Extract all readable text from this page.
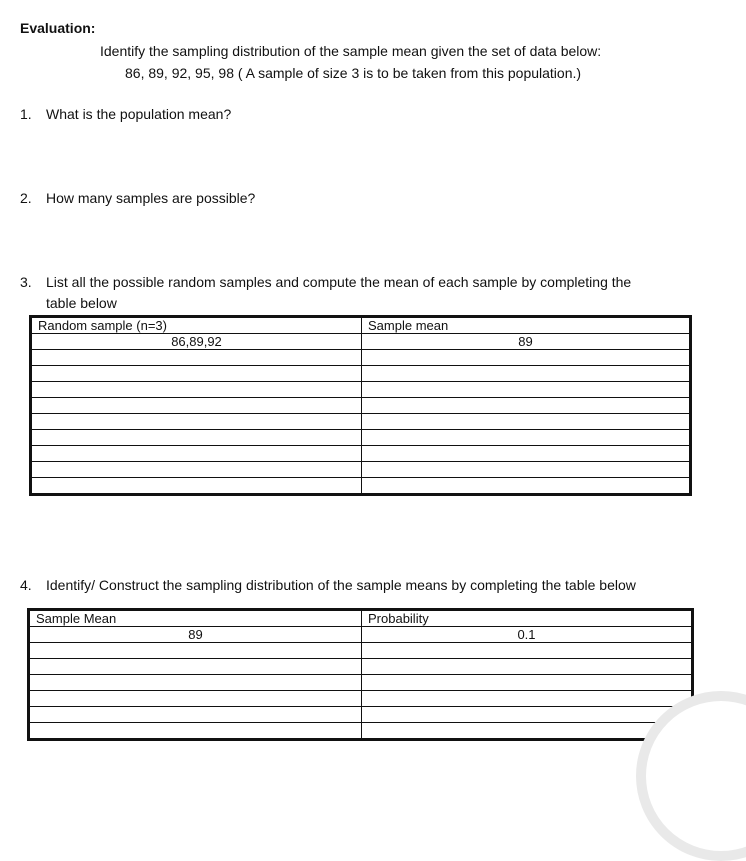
Evaluation:
Identify the sampling distribution of the sample mean given the set of data below:
86, 89, 92, 95, 98 ( A sample of size 3 is to be taken from this population.)
1. What is the population mean?
2. How many samples are possible?
3. List all the possible random samples and compute the mean of each sample by completing the
table below
Random sample (n=3)	Sample mean
86,89,92	89

4. Identify/ Construct the sampling distribution of the sample means by completing the table below
Sample Mean	Probability
89	0.1
